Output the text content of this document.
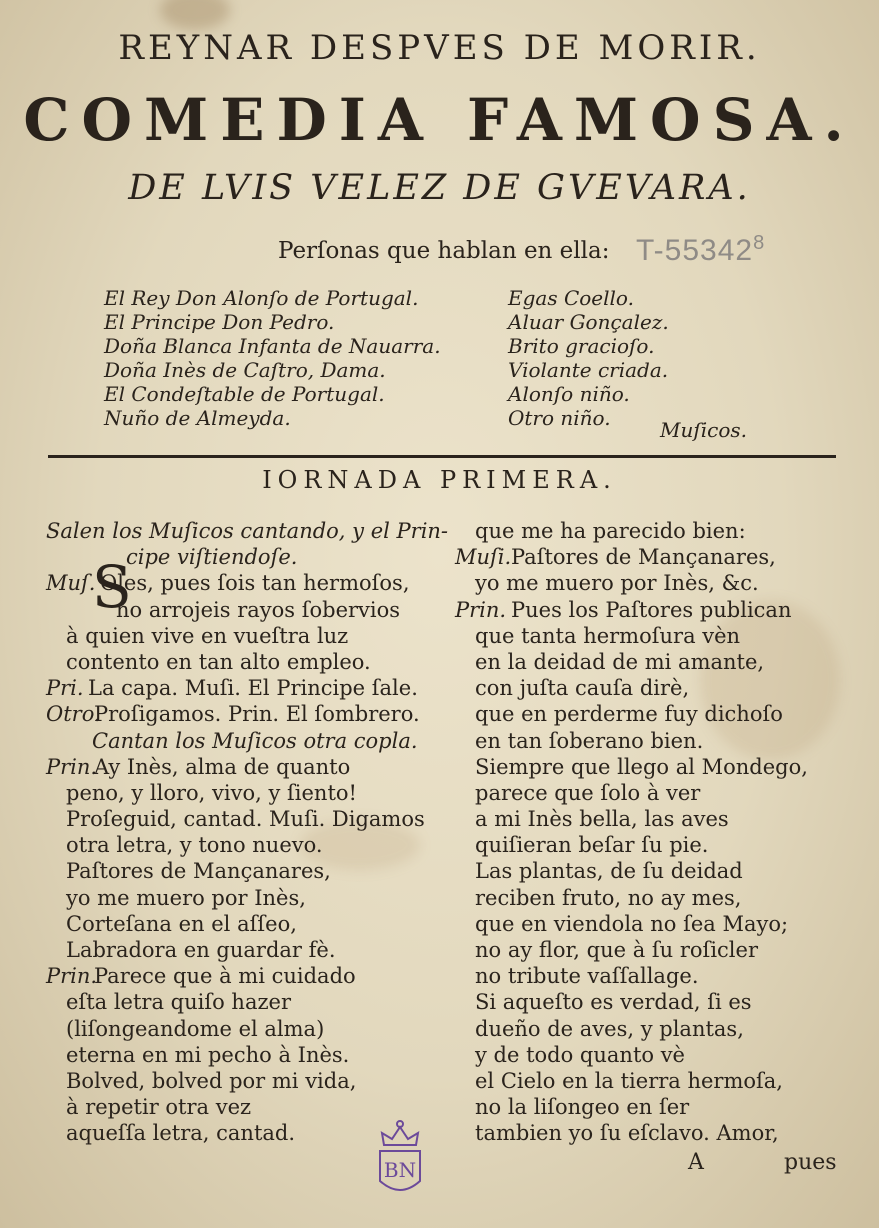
REYNAR DESPVES DE MORIR.
COMEDIA FAMOSA.
DE LVIS VELEZ DE GVEVARA.
Perſonas que hablan en ella: T-55342$^8$
El Rey Don Alonſo de Portugal.
El Principe Don Pedro.
Doña Blanca Infanta de Nauarra.
Doña Inès de Caſtro, Dama.
El Condeſtable de Portugal.
Nuño de Almeyda.
Egas Coello.
Aluar Gonçalez.
Brito gracioſo.
Violante criada.
Alonſo niño.
Otro niño.	Muſicos.
IORNADA PRIMERA.
Salen los Muſicos cantando, y el Prin-
cipe viſtiendoſe.
Muſ. Oles, pues ſois tan hermoſos,
no arrojeis rayos ſobervios
à quien vive en vueſtra luz
contento en tan alto empleo.
Pri. La capa. Muſi. El Principe ſale.
Otro.
Proſigamos. Prin. El ſombrero.
Cantan los Muſicos otra copla.
Prin.
Ay Inès, alma de quanto
peno, y lloro, vivo, y ſiento!
Proſeguid, cantad. Muſi. Digamos
otra letra, y tono nuevo.
Paſtores de Mançanares,
yo me muero por Inès,
Corteſana en el aſſeo,
Labradora en guardar fè.
Prin.
Parece que à mi cuidado
eſta letra quiſo hazer
(liſongeandome el alma)
eterna en mi pecho à Inès.
Bolved, bolved por mi vida,
à repetir otra vez
aqueſſa letra, cantad.
S
que me ha parecido bien:
Muſi. Paſtores de Mançanares,
yo me muero por Inès, &c.
Prin. Pues los Paſtores publican
que tanta hermoſura vèn
en la deidad de mi amante,
con juſta cauſa dirè,
que en perderme fuy dichoſo
en tan ſoberano bien.
Siempre que llego al Mondego,
parece que ſolo à ver
a mi Inès bella, las aves
quiſieran beſar ſu pie.
Las plantas, de ſu deidad
reciben fruto, no ay mes,
que en viendola no ſea Mayo;
no ay flor, que à ſu roſicler
no tribute vaſſallage.
Si aqueſto es verdad, ſi es
dueño de aves, y plantas,
y de todo quanto vè
el Cielo en la tierra hermoſa,
no la liſongeo en ſer
tambien yo ſu eſclavo. Amor,
A	pues
BN
